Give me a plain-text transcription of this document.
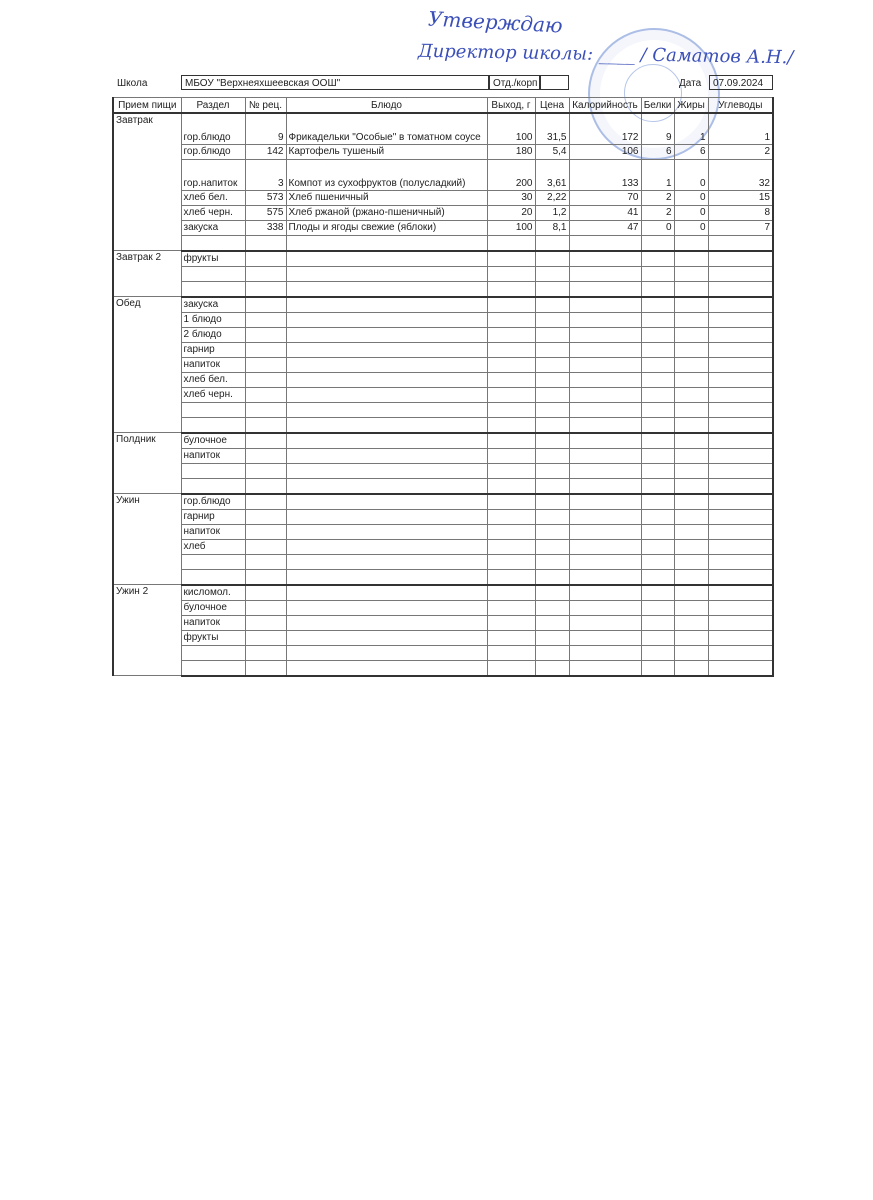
Утверждаю
Директор школы: ____ / Саматов А.Н./
Школа	МБОУ "Верхнеяхшеевская ООШ"	Отд./корп	Дата	07.09.2024
Прием пищи	Раздел	№ рец.	Блюдо	Выход, г	Цена	Калорийность	Белки	Жиры	Углеводы
Завтрак	гор.блюдо	9	Фрикадельки "Особые" в томатном соусе	100	31,5	172	9	1	1
	гор.блюдо	142	Картофель тушеный	180	5,4	106	6	6	2
	гор.напиток	3	Компот из сухофруктов (полусладкий)	200	3,61	133	1	0	32
	хлеб бел.	573	Хлеб пшеничный	30	2,22	70	2	0	15
	хлеб черн.	575	Хлеб ржаной (ржано-пшеничный)	20	1,2	41	2	0	8
	закуска	338	Плоды и ягоды свежие (яблоки)	100	8,1	47	0	0	7

Завтрак 2	фрукты								

Обед	закуска								
	1 блюдо								
	2 блюдо								
	гарнир								
	напиток								
	хлеб бел.								
	хлеб черн.								

Полдник	булочное								
	напиток								

Ужин	гор.блюдо								
	гарнир								
	напиток								
	хлеб								

Ужин 2	кисломол.								
	булочное								
	напиток								
	фрукты								
